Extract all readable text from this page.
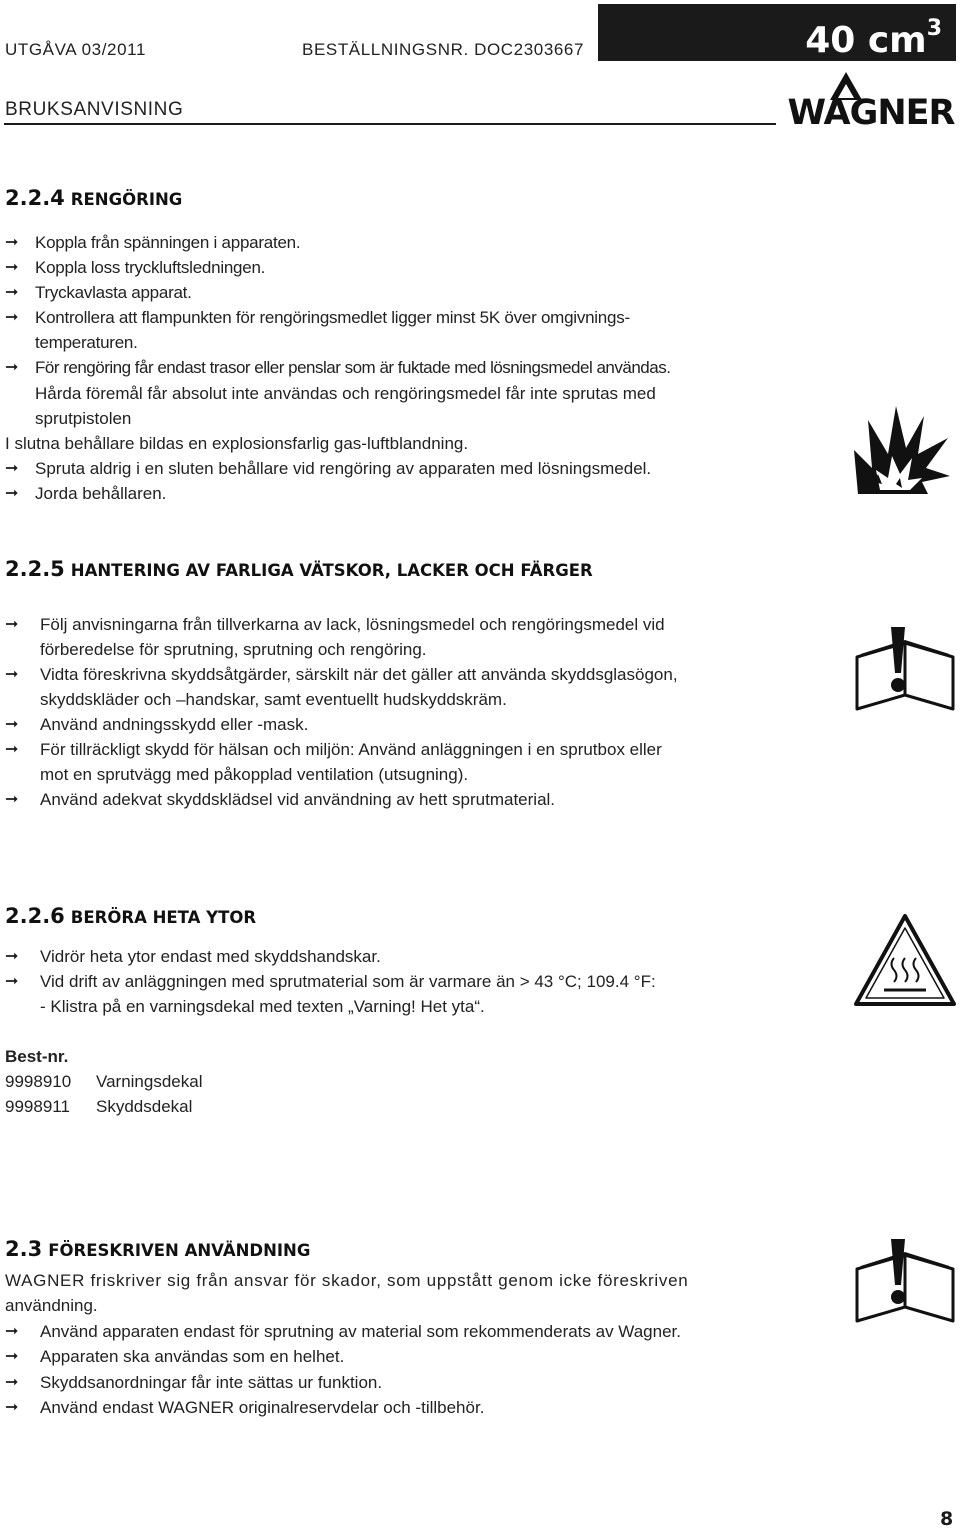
UTGÅVA 03/2011	BESTÄLLNINGSNR. DOC2303667
BRUKSANVISNING
40 $cm^3$
WAGNER
2.2.4 RENGÖRING
➞ Koppla från spänningen i apparaten.
➞ Koppla loss tryckluftsledningen.
➞ Tryckavlasta apparat.
➞ Kontrollera att flampunkten för rengöringsmedlet ligger minst 5K över omgivnings-
temperaturen.
➞ För rengöring får endast trasor eller penslar som är fuktade med lösningsmedel användas.
Hårda föremål får absolut inte användas och rengöringsmedel får inte sprutas med
sprutpistolen
I slutna behållare bildas en explosionsfarlig gas-luftblandning.
➞ Spruta aldrig i en sluten behållare vid rengöring av apparaten med lösningsmedel.
➞ Jorda behållaren.
2.2.5 HANTERING AV FARLIGA VÄTSKOR, LACKER OCH FÄRGER
➞ Följ anvisningarna från tillverkarna av lack, lösningsmedel och rengöringsmedel vid
förberedelse för sprutning, sprutning och rengöring.
➞ Vidta föreskrivna skyddsåtgärder, särskilt när det gäller att använda skyddsglasögon,
skyddskläder och –handskar, samt eventuellt hudskyddskräm.
➞ Använd andningsskydd eller -mask.
➞ För tillräckligt skydd för hälsan och miljön: Använd anläggningen i en sprutbox eller
mot en sprutvägg med påkopplad ventilation (utsugning).
➞ Använd adekvat skyddsklädsel vid användning av hett sprutmaterial.
2.2.6 BERÖRA HETA YTOR
➞ Vidrör heta ytor endast med skyddshandskar.
➞ Vid drift av anläggningen med sprutmaterial som är varmare än > 43 °C; 109.4 °F:
- Klistra på en varningsdekal med texten „Varning! Het yta“.
Best-nr.
9998910 Varningsdekal
9998911 Skyddsdekal
2.3 FÖRESKRIVEN ANVÄNDNING
WAGNER friskriver sig från ansvar för skador, som uppstått genom icke föreskriven
användning.
➞ Använd apparaten endast för sprutning av material som rekommenderats av Wagner.
➞ Apparaten ska användas som en helhet.
➞ Skyddsanordningar får inte sättas ur funktion.
➞ Använd endast WAGNER originalreservdelar och -tillbehör.
8
